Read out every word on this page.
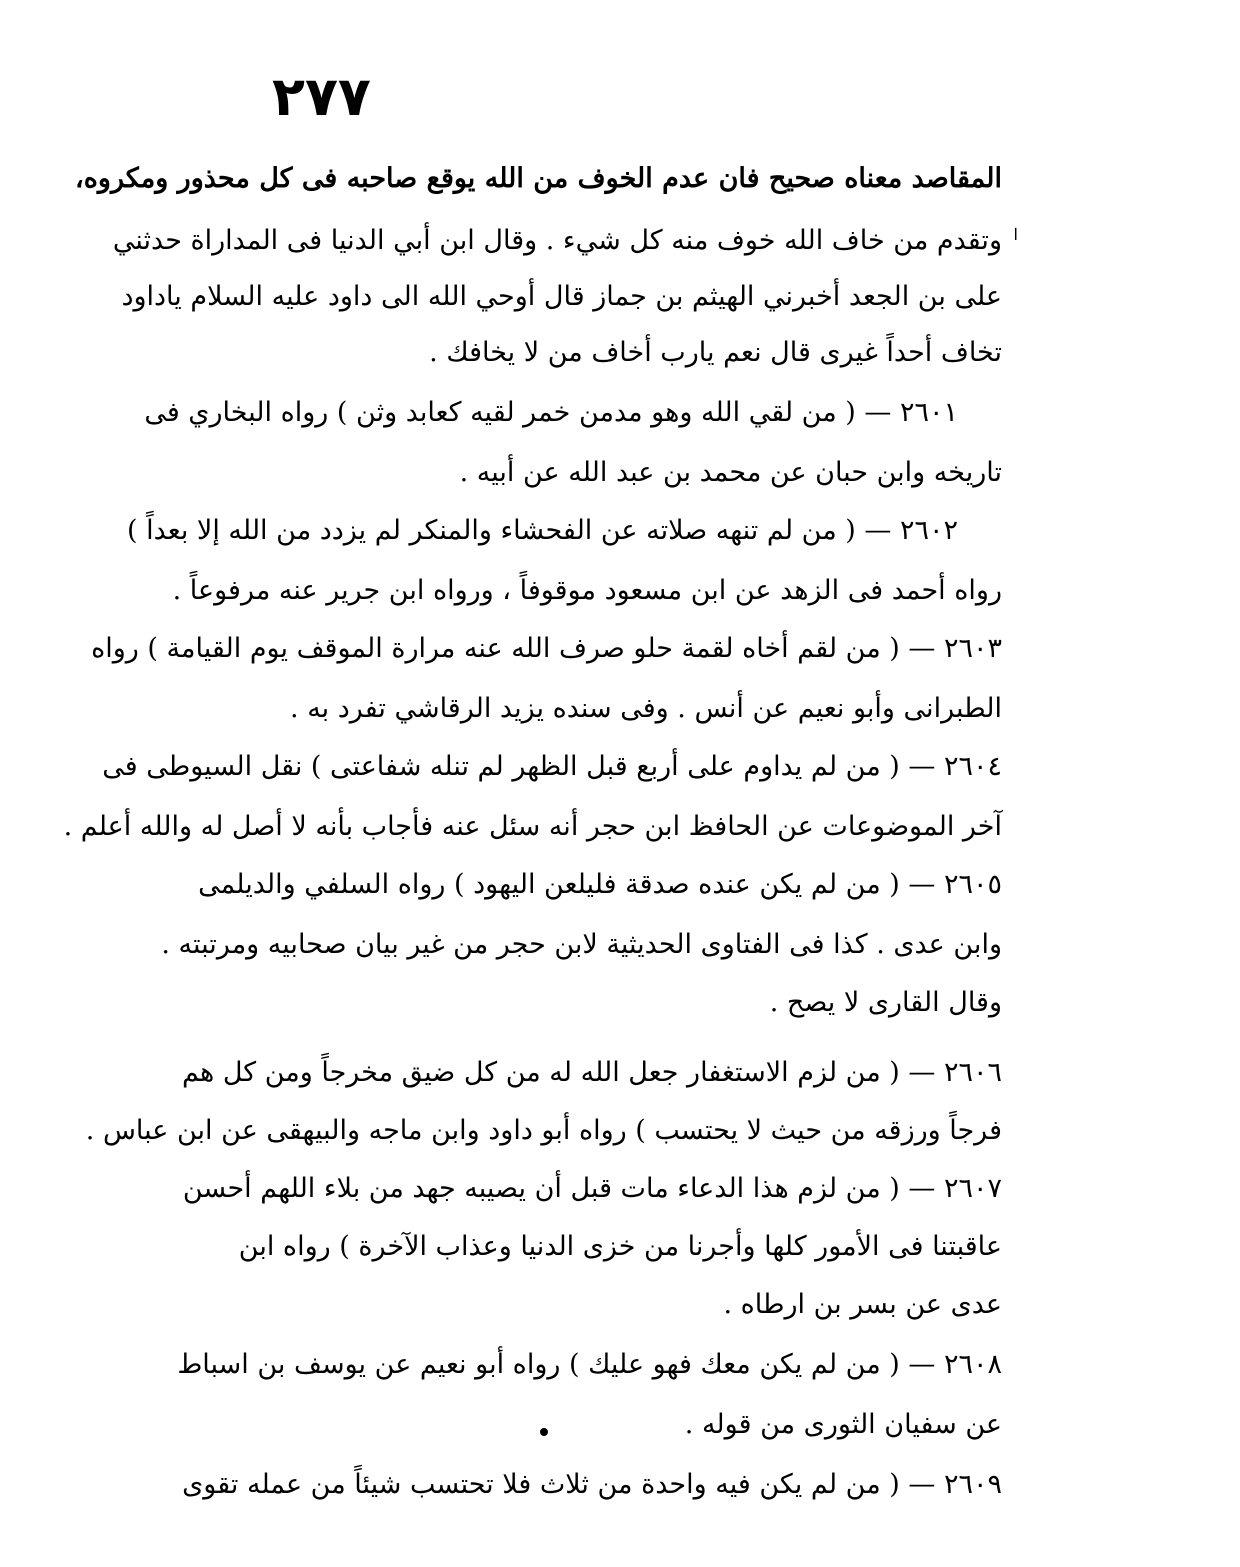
٢٧٧
ا
المقاصد معناه صحيح فان عدم الخوف من الله يوقع صاحبه فى كل محذور ومكروه،
وتقدم من خاف الله خوف منه كل شيء . وقال ابن أبي الدنيا فى المداراة حدثني
على بن الجعد أخبرني الهيثم بن جماز قال أوحي الله الى داود عليه السلام ياداود
تخاف أحداً غيرى قال نعم يارب أخاف من لا يخافك .
٢٦٠١ — ( من لقي الله وهو مدمن خمر لقيه كعابد وثن ) رواه البخاري فى
تاريخه وابن حبان عن محمد بن عبد الله عن أبيه .
٢٦٠٢ — ( من لم تنهه صلاته عن الفحشاء والمنكر لم يزدد من الله إلا بعداً )
رواه أحمد فى الزهد عن ابن مسعود موقوفاً ، ورواه ابن جرير عنه مرفوعاً .
٢٦٠٣ — ( من لقم أخاه لقمة حلو صرف الله عنه مرارة الموقف يوم القيامة ) رواه
الطبرانى وأبو نعيم عن أنس . وفى سنده يزيد الرقاشي تفرد به .
٢٦٠٤ — ( من لم يداوم على أربع قبل الظهر لم تنله شفاعتى ) نقل السيوطى فى
آخر الموضوعات عن الحافظ ابن حجر أنه سئل عنه فأجاب بأنه لا أصل له والله أعلم .
٢٦٠٥ — ( من لم يكن عنده صدقة فليلعن اليهود ) رواه السلفي والديلمى
وابن عدى . كذا فى الفتاوى الحديثية لابن حجر من غير بيان صحابيه ومرتبته .
وقال القارى لا يصح .
٢٦٠٦ — ( من لزم الاستغفار جعل الله له من كل ضيق مخرجاً ومن كل هم
فرجاً ورزقه من حيث لا يحتسب ) رواه أبو داود وابن ماجه والبيهقى عن ابن عباس .
٢٦٠٧ — ( من لزم هذا الدعاء مات قبل أن يصيبه جهد من بلاء اللهم أحسن
عاقبتنا فى الأمور كلها وأجرنا من خزى الدنيا وعذاب الآخرة ) رواه ابن
عدى عن بسر بن ارطاه .
٢٦٠٨ — ( من لم يكن معك فهو عليك ) رواه أبو نعيم عن يوسف بن اسباط
عن سفيان الثورى من قوله .
٢٦٠٩ — ( من لم يكن فيه واحدة من ثلاث فلا تحتسب شيئاً من عمله تقوى
